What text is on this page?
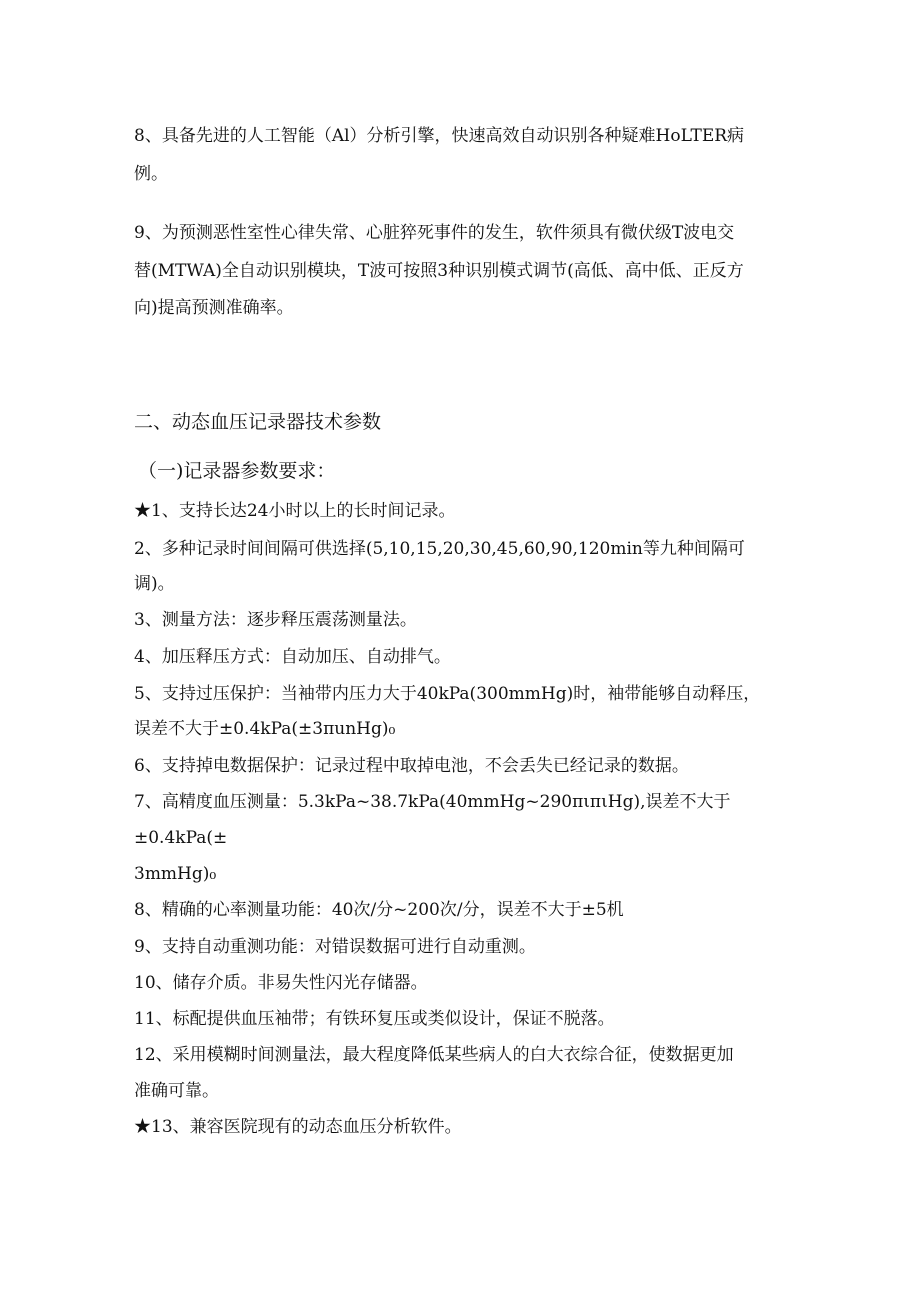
8、具备先进的人工智能（Al）分析引擎，快速高效自动识别各种疑难HoLTER病
例。
9、为预测恶性室性心律失常、心脏猝死事件的发生，软件须具有微伏级T波电交
替(MTWA)全自动识别模块，T波可按照3种识别模式调节(高低、高中低、正反方
向)提高预测准确率。
二、动态血压记录器技术参数
（一)记录器参数要求：
★1、支持长达24小时以上的长时间记录。
2、多种记录时间间隔可供选择(5,10,15,20,30,45,60,90,120min等九种间隔可
调)。
3、测量方法：逐步释压震荡测量法。
4、加压释压方式：自动加压、自动排气。
5、支持过压保护：当袖带内压力大于40kPa(300mmHg)时，袖带能够自动释压，
误差不大于±0.4kPa(±3πunHg)₀
6、支持掉电数据保护：记录过程中取掉电池，不会丢失已经记录的数据。
7、高精度血压测量：5.3kPa~38.7kPa(40mmHg~290πιπιHg),误差不大于
±0.4kPa(±
3mmHg)₀
8、精确的心率测量功能：40次/分~200次/分，误差不大于±5机
9、支持自动重测功能：对错误数据可进行自动重测。
10、储存介质。非易失性闪光存储器。
11、标配提供血压袖带；有铁环复压或类似设计，保证不脱落。
12、采用模糊时间测量法，最大程度降低某些病人的白大衣综合征，使数据更加
准确可靠。
★13、兼容医院现有的动态血压分析软件。
